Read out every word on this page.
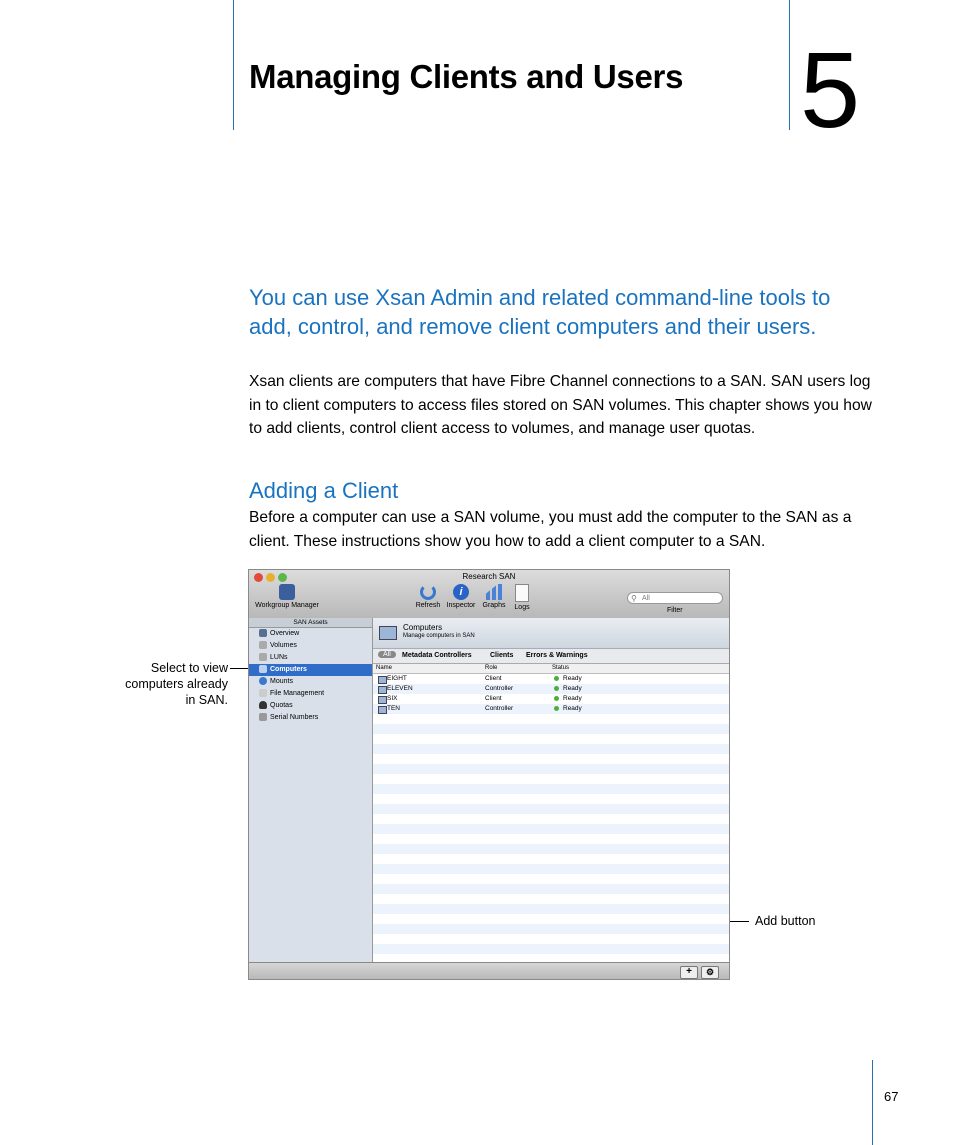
Managing Clients and Users 5
You can use Xsan Admin and related command-line tools to add, control, and remove client computers and their users.
Xsan clients are computers that have Fibre Channel connections to a SAN. SAN users log in to client computers to access files stored on SAN volumes. This chapter shows you how to add clients, control client access to volumes, and manage user quotas.
Adding a Client
Before a computer can use a SAN volume, you must add the computer to the SAN as a client. These instructions show you how to add a client computer to a SAN.
Select to view computers already in SAN.
Add button
Research SAN
Workgroup Manager	Refresh
i
Inspector	Graphs	Logs
⚲ All
Filter
SAN Assets
Overview
Volumes
LUNs
Computers
Mounts
File Management
Quotas
Serial Numbers
Computers
Manage computers in SAN
All	Metadata Controllers	Clients Errors & Warnings
Name	Role	Status
EIGHT	Client	Ready
ELEVEN	Controller	Ready
SIX	Client	Ready
TEN	Controller	Ready
+	⚙
67
